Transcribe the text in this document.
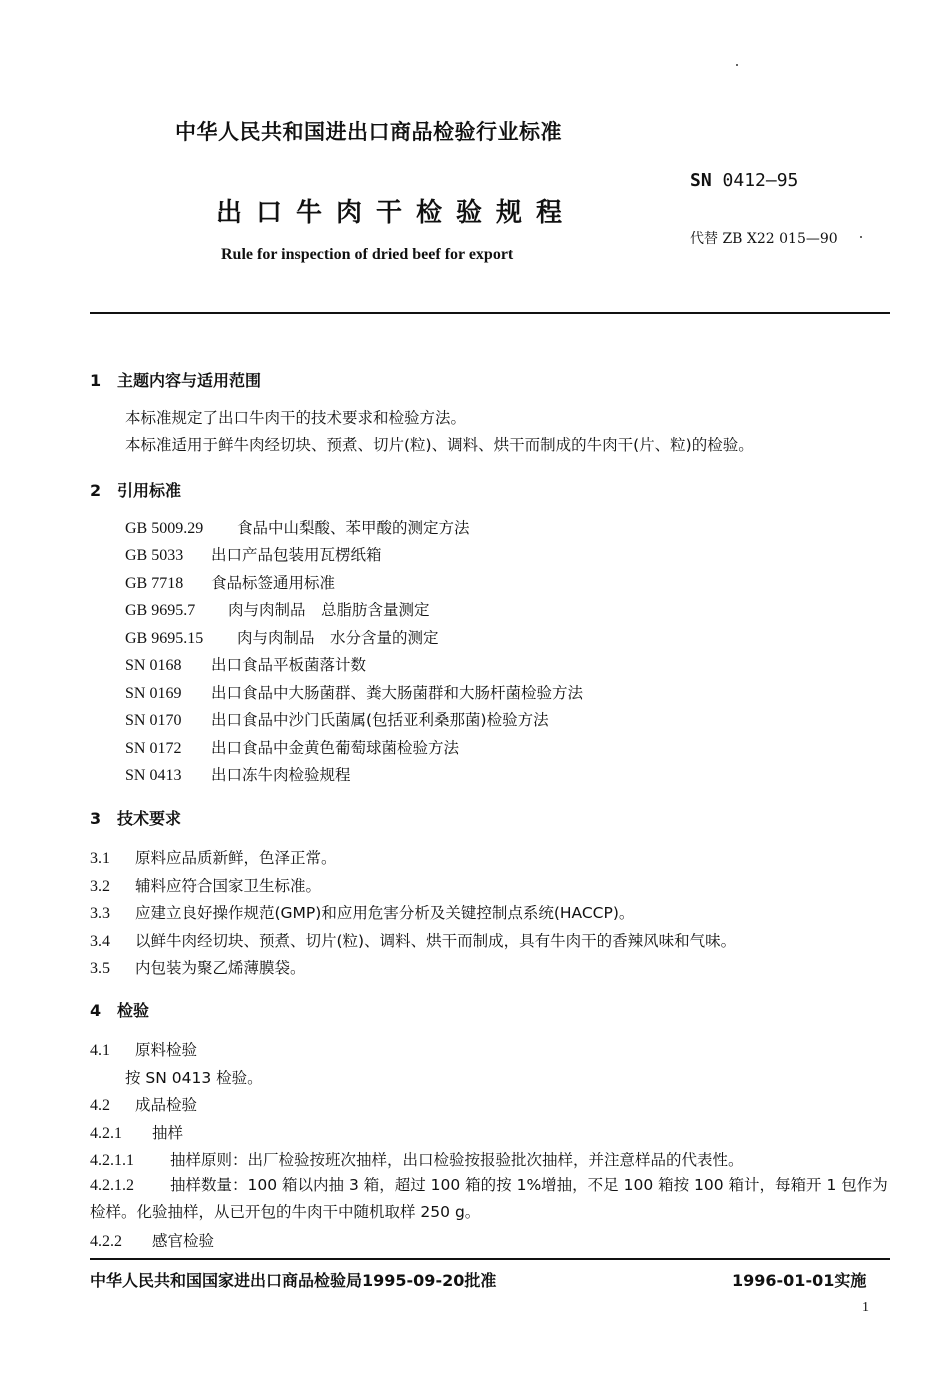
中华人民共和国进出口商品检验行业标准
SN 0412—95
出口牛肉干检验规程
代替 ZB X22 015—90
Rule for inspection of dried beef for export
1 主题内容与适用范围
本标准规定了出口牛肉干的技术要求和检验方法。
本标准适用于鲜牛肉经切块、预煮、切片(粒)、调料、烘干而制成的牛肉干(片、粒)的检验。
2 引用标准
GB 5009.29 食品中山梨酸、苯甲酸的测定方法
GB 5033 出口产品包装用瓦楞纸箱
GB 7718 食品标签通用标准
GB 9695.7 肉与肉制品　总脂肪含量测定
GB 9695.15 肉与肉制品　水分含量的测定
SN 0168 出口食品平板菌落计数
SN 0169 出口食品中大肠菌群、粪大肠菌群和大肠杆菌检验方法
SN 0170 出口食品中沙门氏菌属(包括亚利桑那菌)检验方法
SN 0172 出口食品中金黄色葡萄球菌检验方法
SN 0413 出口冻牛肉检验规程
3 技术要求
3.1 原料应品质新鲜，色泽正常。
3.2 辅料应符合国家卫生标准。
3.3 应建立良好操作规范(GMP)和应用危害分析及关键控制点系统(HACCP)。
3.4 以鲜牛肉经切块、预煮、切片(粒)、调料、烘干而制成，具有牛肉干的香辣风味和气味。
3.5 内包装为聚乙烯薄膜袋。
4 检验
4.1 原料检验
按 SN 0413 检验。
4.2 成品检验
4.2.1 抽样
4.2.1.1 抽样原则：出厂检验按班次抽样，出口检验按报验批次抽样，并注意样品的代表性。
4.2.1.2 抽样数量：100 箱以内抽 3 箱，超过 100 箱的按 1%增抽，不足 100 箱按 100 箱计，每箱开 1 包作为检样。化验抽样，从已开包的牛肉干中随机取样 250 g。
4.2.2 感官检验
中华人民共和国国家进出口商品检验局1995-09-20批准	1996-01-01实施
1
